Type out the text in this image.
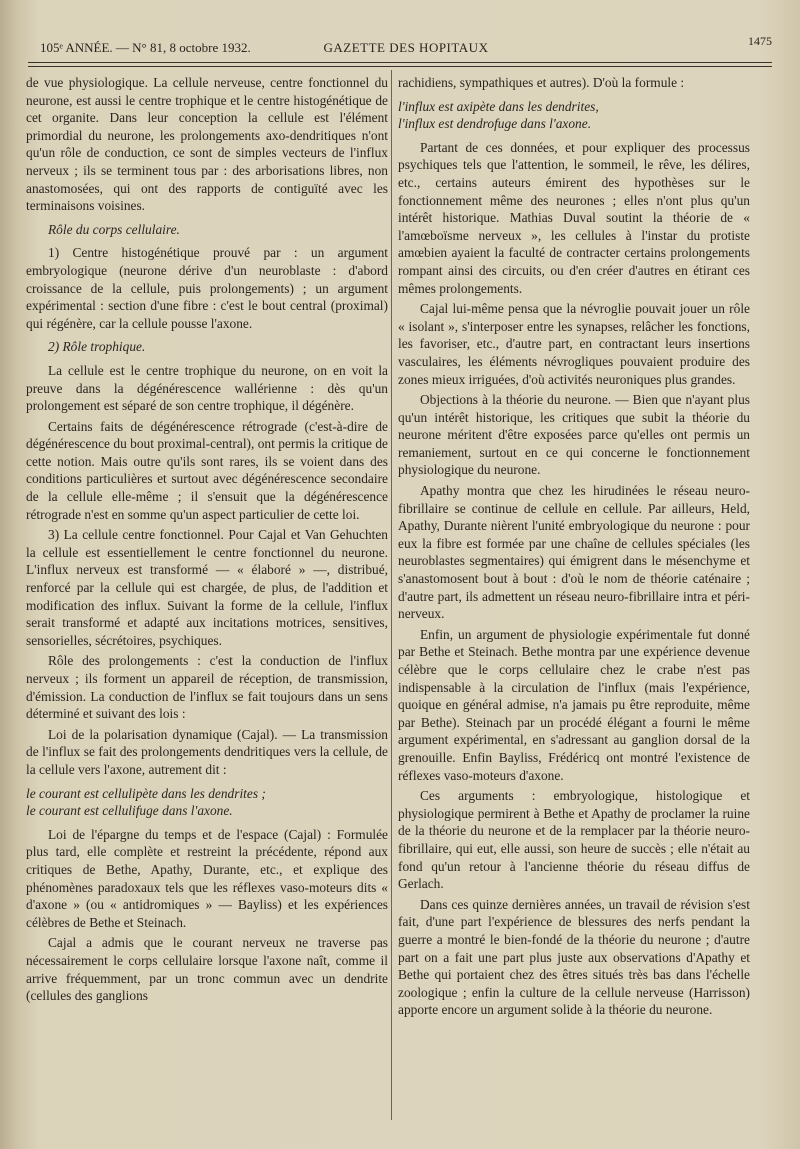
105ᵉ ANNÉE. — N° 81, 8 octobre 1932.	GAZETTE DES HOPITAUX	1475

de vue physiologique. La cellule nerveuse, centre fonctionnel du neurone, est aussi le centre trophique et le centre histogénétique de cet organite. Dans leur conception la cellule est l'élément primordial du neurone, les prolongements axo-dendritiques n'ont qu'un rôle de conduction, ce sont de simples vecteurs de l'influx nerveux ; ils se terminent tous par : des arborisations libres, non anastomosées, qui ont des rapports de contiguïté avec les terminaisons voisines.

Rôle du corps cellulaire.

1) Centre histogénétique prouvé par : un argument embryologique (neurone dérive d'un neuroblaste : d'abord croissance de la cellule, puis prolongements) ; un argument expérimental : section d'une fibre : c'est le bout central (proximal) qui régénère, car la cellule pousse l'axone.

2) Rôle trophique.

La cellule est le centre trophique du neurone, on en voit la preuve dans la dégénérescence wallérienne : dès qu'un prolongement est séparé de son centre trophique, il dégénère.

Certains faits de dégénérescence rétrograde (c'est-à-dire de dégénérescence du bout proximal-central), ont permis la critique de cette notion. Mais outre qu'ils sont rares, ils se voient dans des conditions particulières et surtout avec dégénérescence secondaire de la cellule elle-même ; il s'ensuit que la dégénérescence rétrograde n'est en somme qu'un aspect particulier de cette loi.

3) La cellule centre fonctionnel. Pour Cajal et Van Gehuchten la cellule est essentiellement le centre fonctionnel du neurone. L'influx nerveux est transformé — « élaboré » —, distribué, renforcé par la cellule qui est chargée, de plus, de l'addition et modification des influx. Suivant la forme de la cellule, l'influx serait transformé et adapté aux incitations motrices, sensitives, sensorielles, sécrétoires, psychiques.

Rôle des prolongements : c'est la conduction de l'influx nerveux ; ils forment un appareil de réception, de transmission, d'émission. La conduction de l'influx se fait toujours dans un sens déterminé et suivant des lois :

Loi de la polarisation dynamique (Cajal). — La transmission de l'influx se fait des prolongements dendritiques vers la cellule, de la cellule vers l'axone, autrement dit :

le courant est cellulipète dans les dendrites ;
le courant est cellulifuge dans l'axone.

Loi de l'épargne du temps et de l'espace (Cajal) : Formulée plus tard, elle complète et restreint la précédente, répond aux critiques de Bethe, Apathy, Durante, etc., et explique des phénomènes paradoxaux tels que les réflexes vaso-moteurs dits « d'axone » (ou « antidromiques » — Bayliss) et les expériences célèbres de Bethe et Steinach.

Cajal a admis que le courant nerveux ne traverse pas nécessairement le corps cellulaire lorsque l'axone naît, comme il arrive fréquemment, par un tronc commun avec un dendrite (cellules des ganglions

rachidiens, sympathiques et autres). D'où la formule :

l'influx est axipète dans les dendrites,
l'influx est dendrofuge dans l'axone.

Partant de ces données, et pour expliquer des processus psychiques tels que l'attention, le sommeil, le rêve, les délires, etc., certains auteurs émirent des hypothèses sur le fonctionnement même des neurones ; elles n'ont plus qu'un intérêt historique. Mathias Duval soutint la théorie de « l'amœboïsme nerveux », les cellules à l'instar du protiste amœbien ayaient la faculté de contracter certains prolongements rompant ainsi des circuits, ou d'en créer d'autres en étirant ces mêmes prolongements.

Cajal lui-même pensa que la névroglie pouvait jouer un rôle « isolant », s'interposer entre les synapses, relâcher les fonctions, les favoriser, etc., d'autre part, en contractant leurs insertions vasculaires, les éléments névrogliques pouvaient produire des zones mieux irriguées, d'où activités neuroniques plus grandes.

Objections à la théorie du neurone. — Bien que n'ayant plus qu'un intérêt historique, les critiques que subit la théorie du neurone méritent d'être exposées parce qu'elles ont permis un remaniement, surtout en ce qui concerne le fonctionnement physiologique du neurone.

Apathy montra que chez les hirudinées le réseau neuro-fibrillaire se continue de cellule en cellule. Par ailleurs, Held, Apathy, Durante nièrent l'unité embryologique du neurone : pour eux la fibre est formée par une chaîne de cellules spéciales (les neuroblastes segmentaires) qui émigrent dans le mésenchyme et s'anastomosent bout à bout : d'où le nom de théorie caténaire ; d'autre part, ils admettent un réseau neuro-fibrillaire intra et péri-nerveux.

Enfin, un argument de physiologie expérimentale fut donné par Bethe et Steinach. Bethe montra par une expérience devenue célèbre que le corps cellulaire chez le crabe n'est pas indispensable à la circulation de l'influx (mais l'expérience, quoique en général admise, n'a jamais pu être reproduite, même par Bethe). Steinach par un procédé élégant a fourni le même argument expérimental, en s'adressant au ganglion dorsal de la grenouille. Enfin Bayliss, Frédéricq ont montré l'existence de réflexes vaso-moteurs d'axone.

Ces arguments : embryologique, histologique et physiologique permirent à Bethe et Apathy de proclamer la ruine de la théorie du neurone et de la remplacer par la théorie neuro-fibrillaire, qui eut, elle aussi, son heure de succès ; elle n'était au fond qu'un retour à l'ancienne théorie du réseau diffus de Gerlach.

Dans ces quinze dernières années, un travail de révision s'est fait, d'une part l'expérience de blessures des nerfs pendant la guerre a montré le bien-fondé de la théorie du neurone ; d'autre part on a fait une part plus juste aux observations d'Apathy et Bethe qui portaient chez des êtres situés très bas dans l'échelle zoologique ; enfin la culture de la cellule nerveuse (Harrisson) apporte encore un argument solide à la théorie du neurone.
